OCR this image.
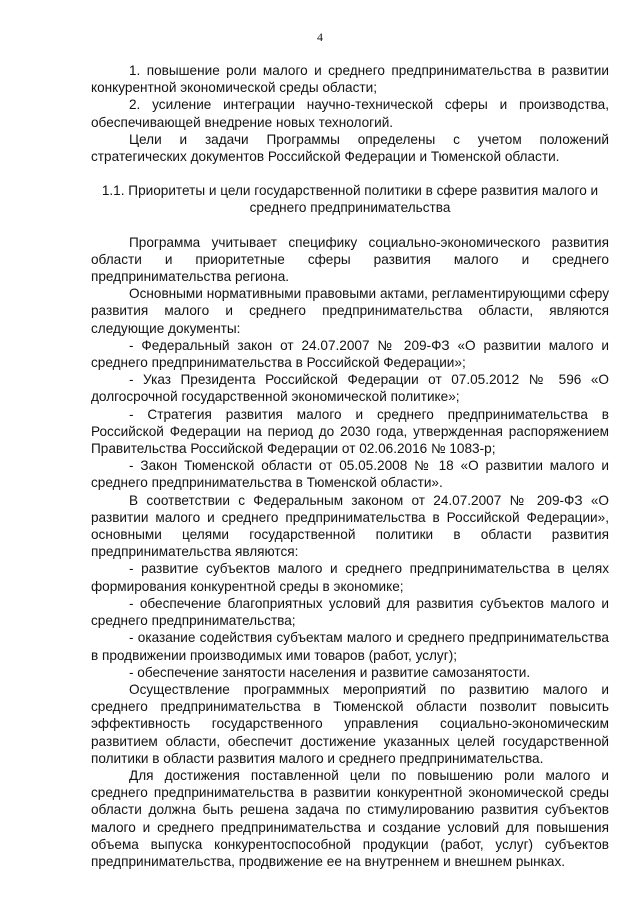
4

1. повышение роли малого и среднего предпринимательства в развитии конкурентной экономической среды области;

2. усиление интеграции научно-технической сферы и производства, обеспечивающей внедрение новых технологий.

Цели и задачи Программы определены с учетом положений стратегических документов Российской Федерации и Тюменской области.

1.1. Приоритеты и цели государственной политики в сфере развития малого и среднего предпринимательства

Программа учитывает специфику социально-экономического развития области и приоритетные сферы развития малого и среднего предпринимательства региона.

Основными нормативными правовыми актами, регламентирующими сферу развития малого и среднего предпринимательства области, являются следующие документы:

- Федеральный закон от 24.07.2007 № 209-ФЗ «О развитии малого и среднего предпринимательства в Российской Федерации»;

- Указ Президента Российской Федерации от 07.05.2012 № 596 «О долгосрочной государственной экономической политике»;

- Стратегия развития малого и среднего предпринимательства в Российской Федерации на период до 2030 года, утвержденная распоряжением Правительства Российской Федерации от 02.06.2016 № 1083-р;

- Закон Тюменской области от 05.05.2008 № 18 «О развитии малого и среднего предпринимательства в Тюменской области».

В соответствии с Федеральным законом от 24.07.2007 № 209-ФЗ «О развитии малого и среднего предпринимательства в Российской Федерации», основными целями государственной политики в области развития предпринимательства являются:

- развитие субъектов малого и среднего предпринимательства в целях формирования конкурентной среды в экономике;

- обеспечение благоприятных условий для развития субъектов малого и среднего предпринимательства;

- оказание содействия субъектам малого и среднего предпринимательства в продвижении производимых ими товаров (работ, услуг);

- обеспечение занятости населения и развитие самозанятости.

Осуществление программных мероприятий по развитию малого и среднего предпринимательства в Тюменской области позволит повысить эффективность государственного управления социально-экономическим развитием области, обеспечит достижение указанных целей государственной политики в области развития малого и среднего предпринимательства.

Для достижения поставленной цели по повышению роли малого и среднего предпринимательства в развитии конкурентной экономической среды области должна быть решена задача по стимулированию развития субъектов малого и среднего предпринимательства и создание условий для повышения объема выпуска конкурентоспособной продукции (работ, услуг) субъектов предпринимательства, продвижение ее на внутреннем и внешнем рынках.
